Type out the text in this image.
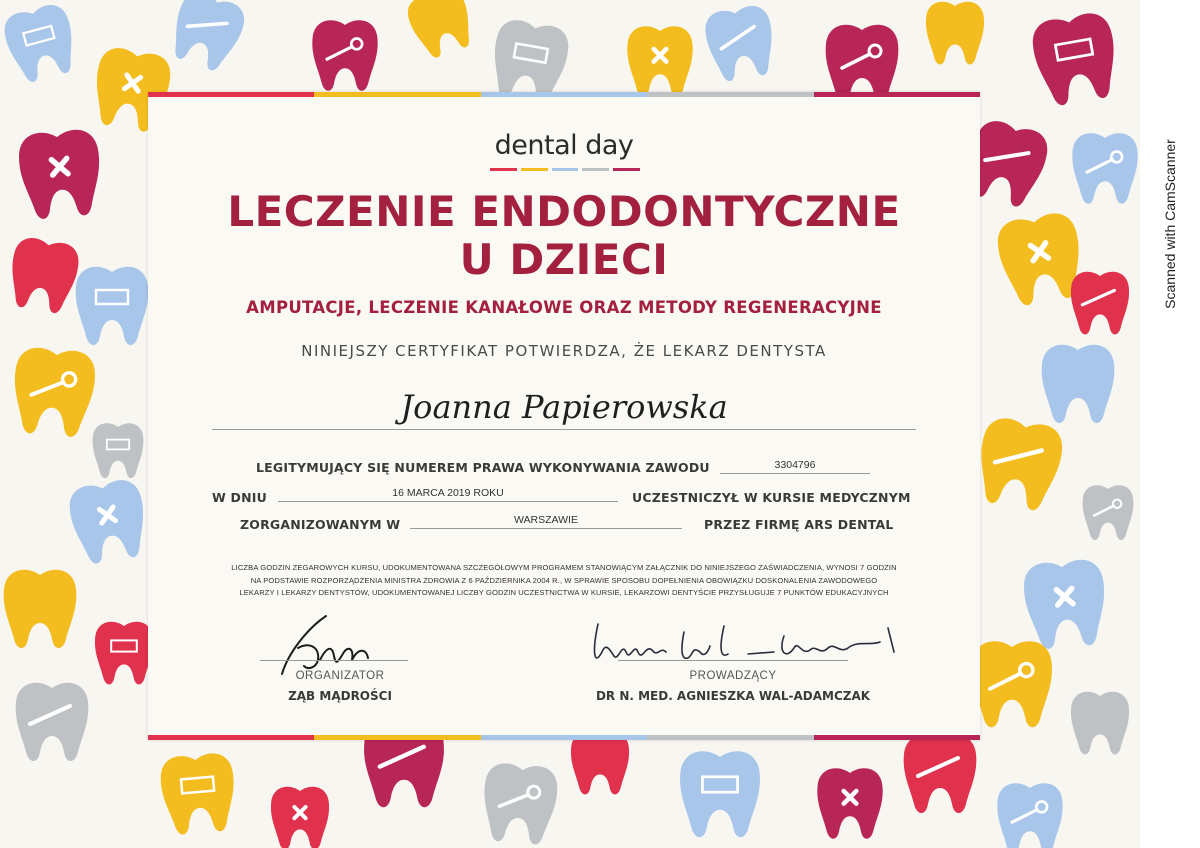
dental day
LECZENIE ENDODONTYCZNE
U DZIECI
AMPUTACJE, LECZENIE KANAŁOWE ORAZ METODY REGENERACYJNE
NINIEJSZY CERTYFIKAT POTWIERDZA, ŻE LEKARZ DENTYSTA
Joanna Papierowska
LEGITYMUJĄCY SIĘ NUMEREM PRAWA WYKONYWANIA ZAWODU	3304796
W DNIU	16 MARCA 2019 ROKU	UCZESTNICZYŁ W KURSIE MEDYCZNYM
ZORGANIZOWANYM W	WARSZAWIE	PRZEZ FIRMĘ ARS DENTAL
LICZBA GODZIN ZEGAROWYCH KURSU, UDOKUMENTOWANA SZCZEGÓŁOWYM PROGRAMEM STANOWIĄCYM ZAŁĄCZNIK DO NINIEJSZEGO ZAŚWIADCZENIA, WYNOSI 7 GODZIN
NA PODSTAWIE ROZPORZĄDZENIA MINISTRA ZDROWIA Z 6 PAŹDZIERNIKA 2004 R., W SPRAWIE SPOSOBU DOPEŁNIENIA OBOWIĄZKU DOSKONALENIA ZAWODOWEGO
LEKARZY I LEKARZY DENTYSTÓW, UDOKUMENTOWANEJ LICZBY GODZIN UCZESTNICTWA W KURSIE, LEKARZOWI DENTYŚCIE PRZYSŁUGUJE 7 PUNKTÓW EDUKACYJNYCH
ORGANIZATOR
ZĄB MĄDROŚCI
PROWADZĄCY
DR N. MED. AGNIESZKA WAL-ADAMCZAK
Scanned with CamScanner
